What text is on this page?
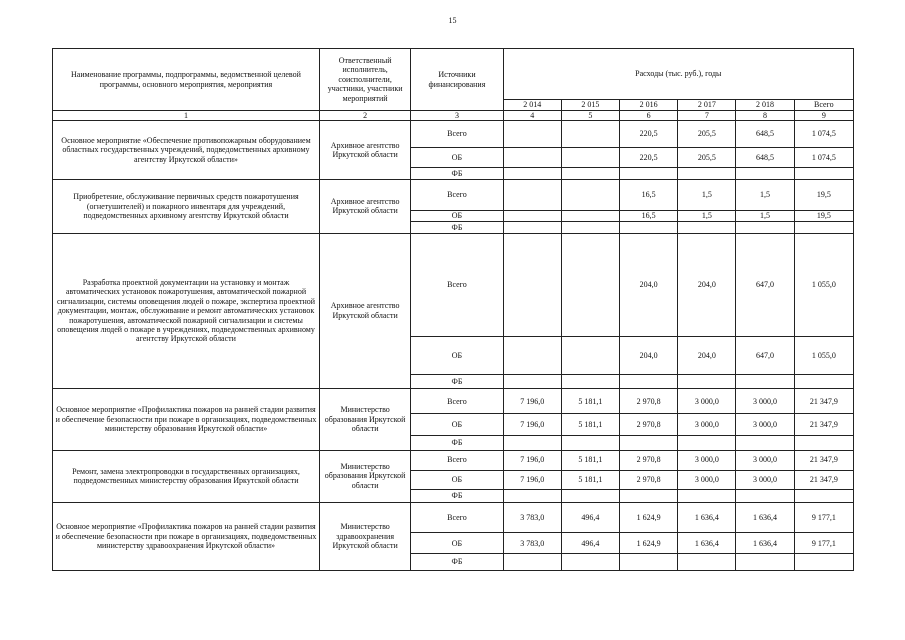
15
Наименование программы, подпрограммы, ведомственной целевой программы, основного мероприятия, мероприятия	Ответственный исполнитель, соисполнители, участники, участники мероприятий	Источники финансирования	Расходы (тыс. руб.), годы					
			2 014	2 015	2 016	2 017	2 018	Всего
1	2	3	4	5	6	7	8	9
Основное мероприятие «Обеспечение противопожарным оборудованием областных государственных учреждений, подведомственных архивному агентству Иркутской области»	Архивное агентство Иркутской области	Всего			220,5	205,5	648,5	1 074,5
		ОБ			220,5	205,5	648,5	1 074,5
		ФБ						
Приобретение, обслуживание первичных средств пожаротушения (огнетушителей) и пожарного инвентаря для учреждений, подведомственных архивному агентству Иркутской области	Архивное агентство Иркутской области	Всего			16,5	1,5	1,5	19,5
		ОБ			16,5	1,5	1,5	19,5
		ФБ						
Разработка проектной документации на установку и монтаж автоматических установок пожаротушения, автоматической пожарной сигнализации, системы оповещения людей о пожаре, экспертиза проектной документации, монтаж, обслуживание и ремонт автоматических установок пожаротушения, автоматической пожарной сигнализации и системы оповещения людей о пожаре в учреждениях, подведомственных архивному агентству Иркутской области	Архивное агентство Иркутской области	Всего			204,0	204,0	647,0	1 055,0
		ОБ			204,0	204,0	647,0	1 055,0
		ФБ						
Основное мероприятие «Профилактика пожаров на ранней стадии развития и обеспечение безопасности при пожаре в организациях, подведомственных министерству образования Иркутской области»	Министерство образования Иркутской области	Всего	7 196,0	5 181,1	2 970,8	3 000,0	3 000,0	21 347,9
		ОБ	7 196,0	5 181,1	2 970,8	3 000,0	3 000,0	21 347,9
		ФБ						
Ремонт, замена электропроводки в государственных организациях, подведомственных министерству образования Иркутской области	Министерство образования Иркутской области	Всего	7 196,0	5 181,1	2 970,8	3 000,0	3 000,0	21 347,9
		ОБ	7 196,0	5 181,1	2 970,8	3 000,0	3 000,0	21 347,9
		ФБ						
Основное мероприятие «Профилактика пожаров на ранней стадии развития и обеспечение безопасности при пожаре в организациях, подведомственных министерству здравоохранения Иркутской области»	Министерство здравоохранения Иркутской области	Всего	3 783,0	496,4	1 624,9	1 636,4	1 636,4	9 177,1
		ОБ	3 783,0	496,4	1 624,9	1 636,4	1 636,4	9 177,1
		ФБ						
